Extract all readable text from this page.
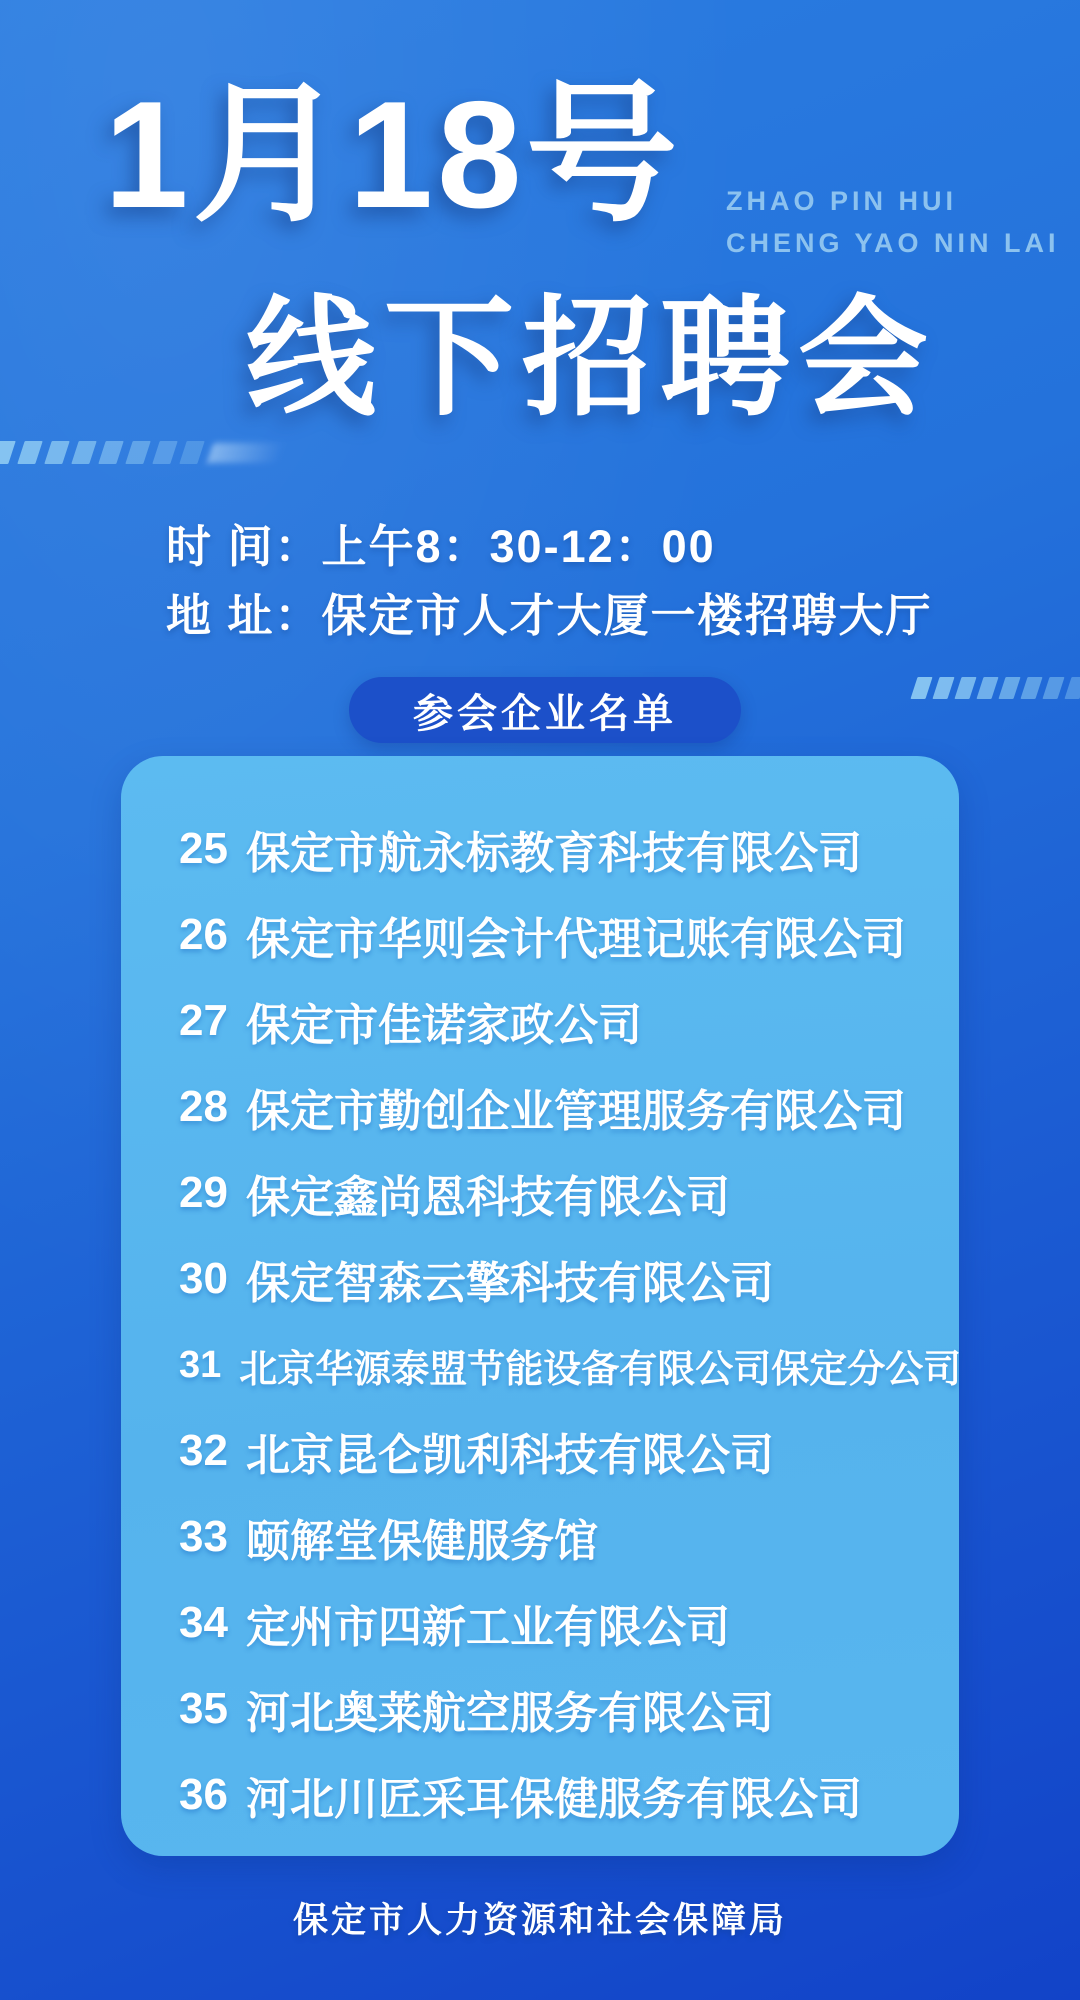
1月18号 ZHAO PIN HUI
CHENG YAO NIN LAI
线下招聘会
时 间：上午8：30-12：00
地 址：保定市人才大厦一楼招聘大厅
参会企业名单
25 保定市航永标教育科技有限公司
26 保定市华则会计代理记账有限公司
27 保定市佳诺家政公司
28 保定市勤创企业管理服务有限公司
29 保定鑫尚恩科技有限公司
30 保定智森云擎科技有限公司
31 北京华源泰盟节能设备有限公司保定分公司
32 北京昆仑凯利科技有限公司
33 颐解堂保健服务馆
34 定州市四新工业有限公司
35 河北奥莱航空服务有限公司
36 河北川匠采耳保健服务有限公司
保定市人力资源和社会保障局
